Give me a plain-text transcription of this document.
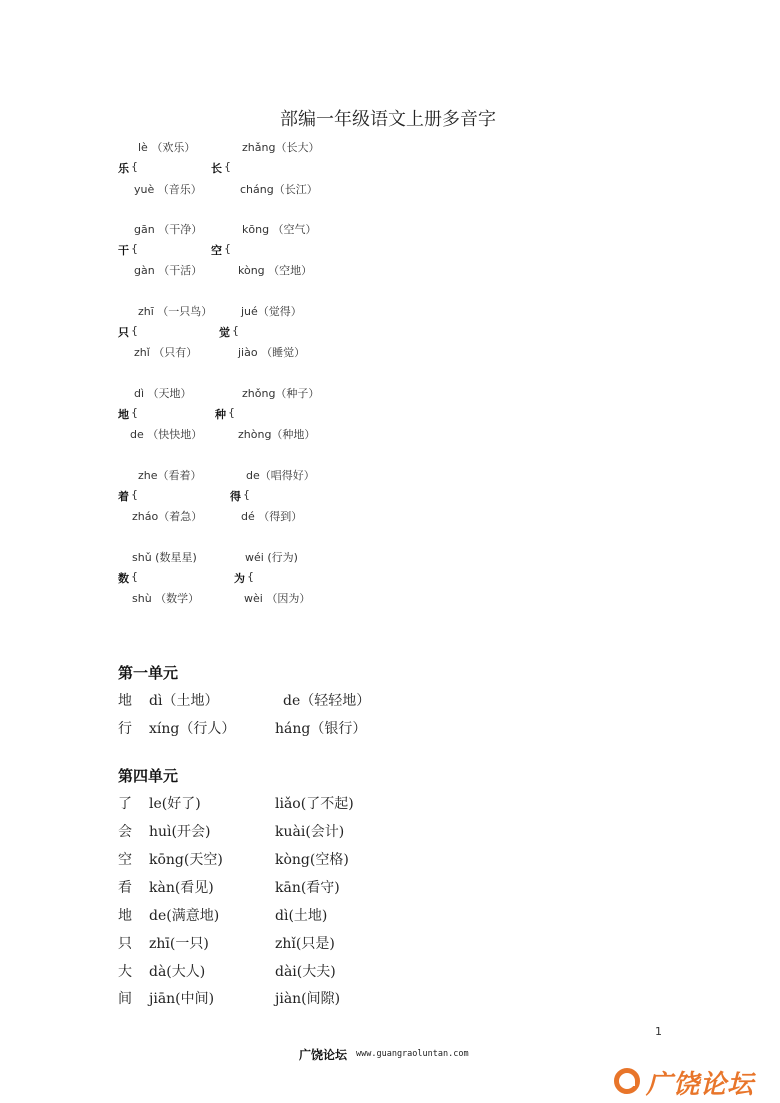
部编一年级语文上册多音字
lè （欢乐）
乐 {
yuè （音乐）
zhǎng（长大）
长 {
cháng（长江）
gān （干净）
干 {
gàn （干活）
kōng （空气）
空 {
kòng （空地）
zhī （一只鸟）
只 {
zhǐ （只有）
jué（觉得）
觉 {
jiào （睡觉）
dì （天地）
地 {
de （快快地）
zhǒng（种子）
种 {
zhòng（种地）
zhe（看着）
着 {
zháo（着急）
de（唱得好）
得 {
dé （得到）
shǔ (数星星)
数 {
shù （数学）
wéi (行为)
为 {
wèi （因为）
第一单元
地 dì（土地）	de（轻轻地）
行 xíng（行人）	háng（银行）
第四单元
了 le(好了)	liǎo(了不起)
会 huì(开会)	kuài(会计)
空 kōng(天空)	kòng(空格)
看 kàn(看见)	kān(看守)
地 de(满意地)	dì(土地)
只 zhī(一只)	zhǐ(只是)
大 dà(大人)	dài(大夫)
间 jiān(中间)	jiàn(间隙)
1
广饶论坛 www.guangraoluntan.com
广饶论坛
